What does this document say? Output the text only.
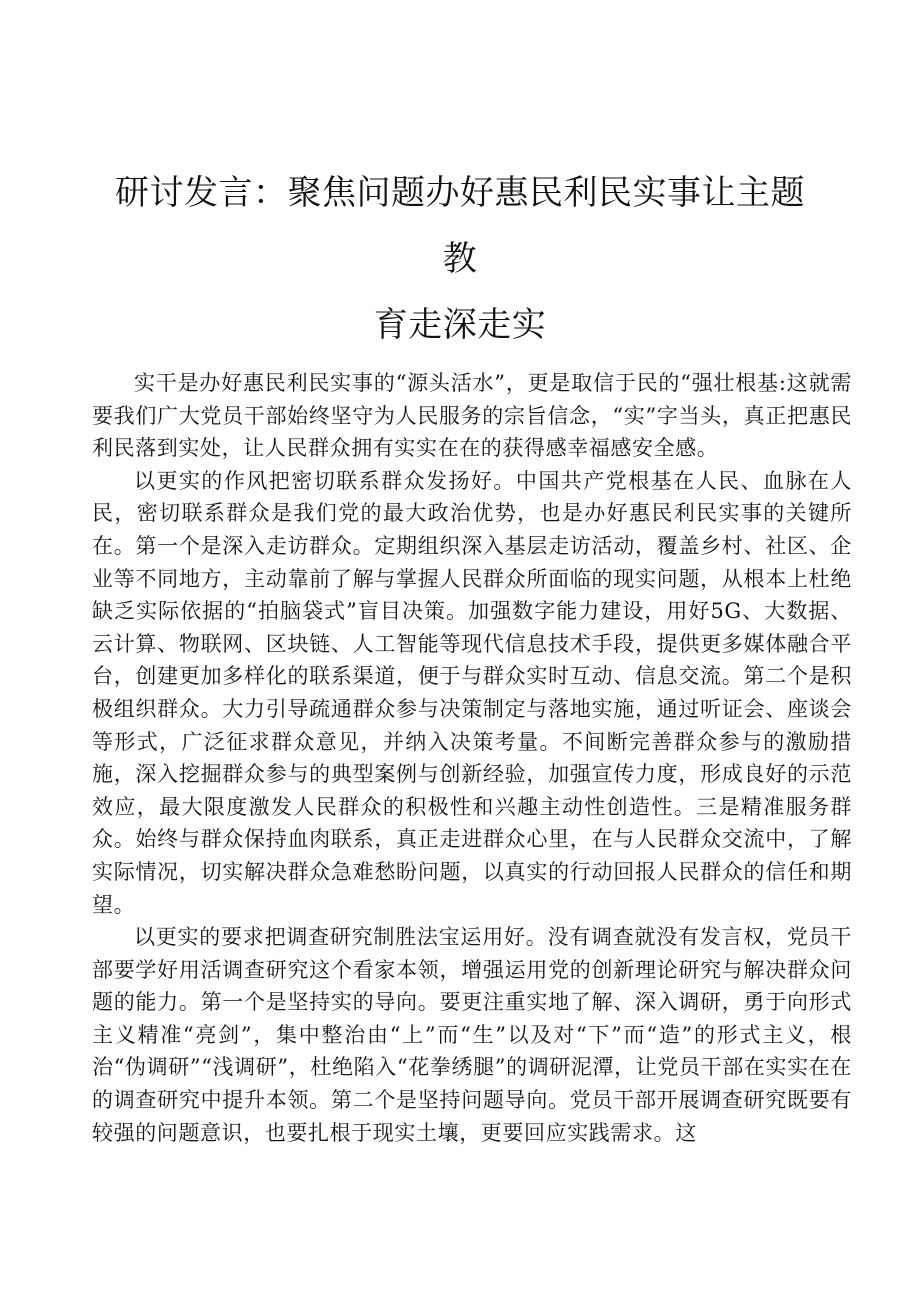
研讨发言：聚焦问题办好惠民利民实事让主题教
育走深走实

实干是办好惠民利民实事的“源头活水”，更是取信于民的“强壮根基:这就需要我们广大党员干部始终坚守为人民服务的宗旨信念，“实”字当头，真正把惠民利民落到实处，让人民群众拥有实实在在的获得感幸福感安全感。

以更实的作风把密切联系群众发扬好。中国共产党根基在人民、血脉在人民，密切联系群众是我们党的最大政治优势，也是办好惠民利民实事的关键所在。第一个是深入走访群众。定期组织深入基层走访活动，覆盖乡村、社区、企业等不同地方，主动靠前了解与掌握人民群众所面临的现实问题，从根本上杜绝缺乏实际依据的“拍脑袋式”盲目决策。加强数字能力建设，用好5G、大数据、云计算、物联网、区块链、人工智能等现代信息技术手段，提供更多媒体融合平台，创建更加多样化的联系渠道，便于与群众实时互动、信息交流。第二个是积极组织群众。大力引导疏通群众参与决策制定与落地实施，通过听证会、座谈会等形式，广泛征求群众意见，并纳入决策考量。不间断完善群众参与的激励措施，深入挖掘群众参与的典型案例与创新经验，加强宣传力度，形成良好的示范效应，最大限度激发人民群众的积极性和兴趣主动性创造性。三是精准服务群众。始终与群众保持血肉联系，真正走进群众心里，在与人民群众交流中，了解实际情况，切实解决群众急难愁盼问题，以真实的行动回报人民群众的信任和期望。

以更实的要求把调查研究制胜法宝运用好。没有调查就没有发言权，党员干部要学好用活调查研究这个看家本领，增强运用党的创新理论研究与解决群众问题的能力。第一个是坚持实的导向。要更注重实地了解、深入调研，勇于向形式主义精准“亮剑”，集中整治由“上”而“生”以及对“下”而“造”的形式主义，根治“伪调研”“浅调研”，杜绝陷入“花拳绣腿”的调研泥潭，让党员干部在实实在在的调查研究中提升本领。第二个是坚持问题导向。党员干部开展调查研究既要有较强的问题意识，也要扎根于现实土壤，更要回应实践需求。这
